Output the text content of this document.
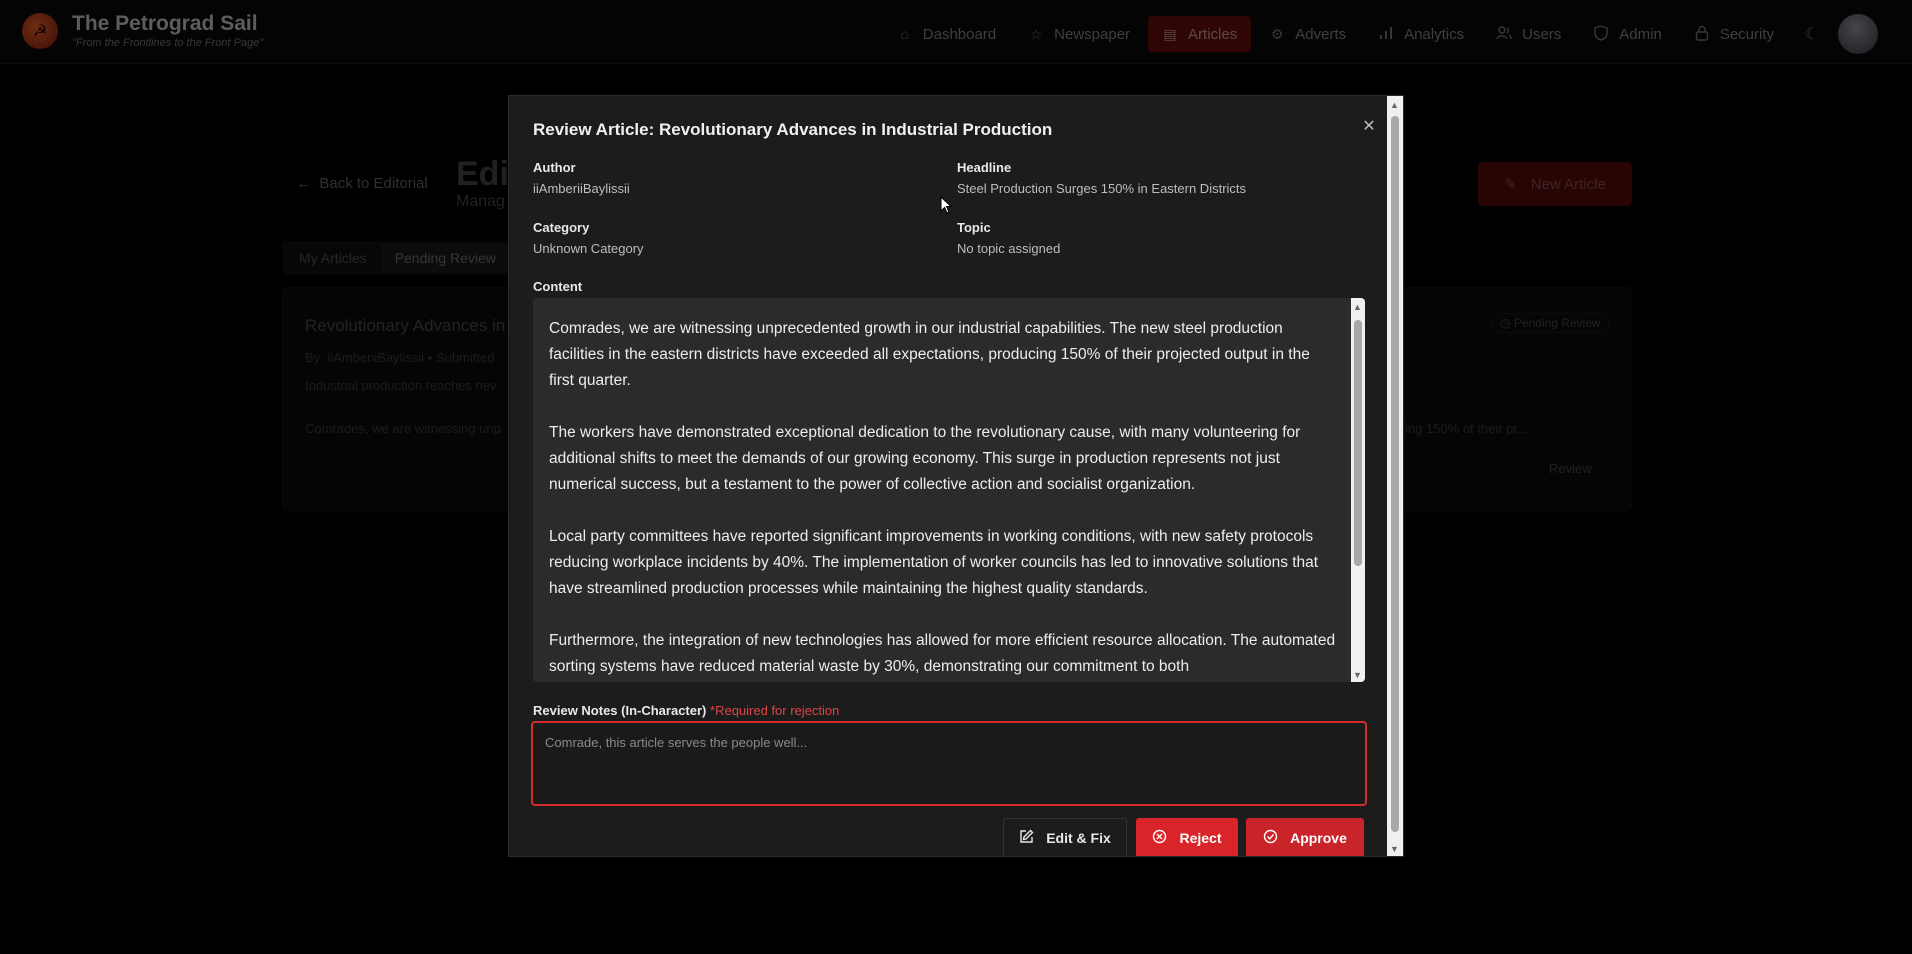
Review Article: Revolutionary Advances in Industrial Production	✕
Author
iiAmberiiBaylissii
Headline
Steel Production Surges 150% in Eastern Districts
Category
Unknown Category
Topic
No topic assigned
Content

Comrades, we are witnessing unprecedented growth in our industrial capabilities. The new steel production facilities in the eastern districts have exceeded all expectations, producing 150% of their projected output in the first quarter.

The workers have demonstrated exceptional dedication to the revolutionary cause, with many volunteering for additional shifts to meet the demands of our growing economy. This surge in production represents not just numerical success, but a testament to the power of collective action and socialist organization.

Local party committees have reported significant improvements in working conditions, with new safety protocols reducing workplace incidents by 40%. The implementation of worker councils has led to innovative solutions that have streamlined production processes while maintaining the highest quality standards.

Furthermore, the integration of new technologies has allowed for more efficient resource allocation. The automated sorting systems have reduced material waste by 30%, demonstrating our commitment to both

▲
▼
Review Notes (In-Character) *Required for rejection
Comrade, this article serves the people well...
Edit & Fix	Reject	Approve
▲
▼
